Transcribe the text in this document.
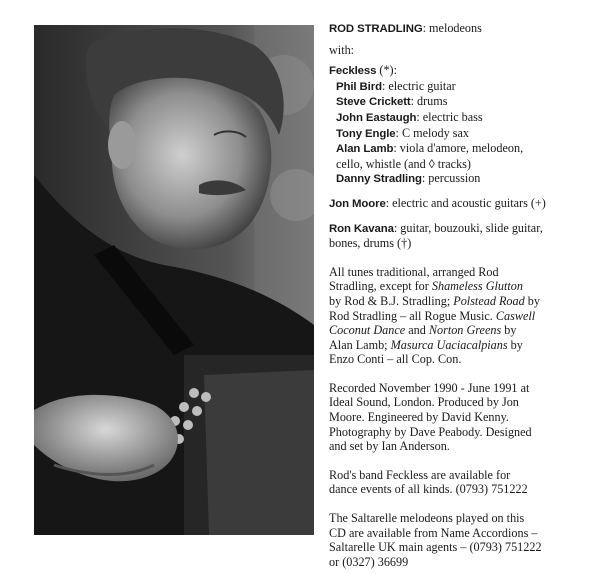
ROD STRADLING: melodeons

with:

Feckless (*):

Phil Bird: electric guitar

Steve Crickett: drums

John Eastaugh: electric bass

Tony Engle: C melody sax

Alan Lamb: viola d'amore, melodeon,

cello, whistle (and ◊ tracks)

Danny Stradling: percussion

Jon Moore: electric and acoustic guitars (+)

Ron Kavana: guitar, bouzouki, slide guitar,

bones, drums (†)

All tunes traditional, arranged Rod

Stradling, except for Shameless Glutton

by Rod & B.J. Stradling; Polstead Road by

Rod Stradling – all Rogue Music. Caswell

Coconut Dance and Norton Greens by

Alan Lamb; Masurca Uaciacalpians by

Enzo Conti – all Cop. Con.

Recorded November 1990 - June 1991 at

Ideal Sound, London. Produced by Jon

Moore. Engineered by David Kenny.

Photography by Dave Peabody. Designed

and set by Ian Anderson.

Rod's band Feckless are available for

dance events of all kinds. (0793) 751222

The Saltarelle melodeons played on this

CD are available from Name Accordions –

Saltarelle UK main agents – (0793) 751222

or (0327) 36699
